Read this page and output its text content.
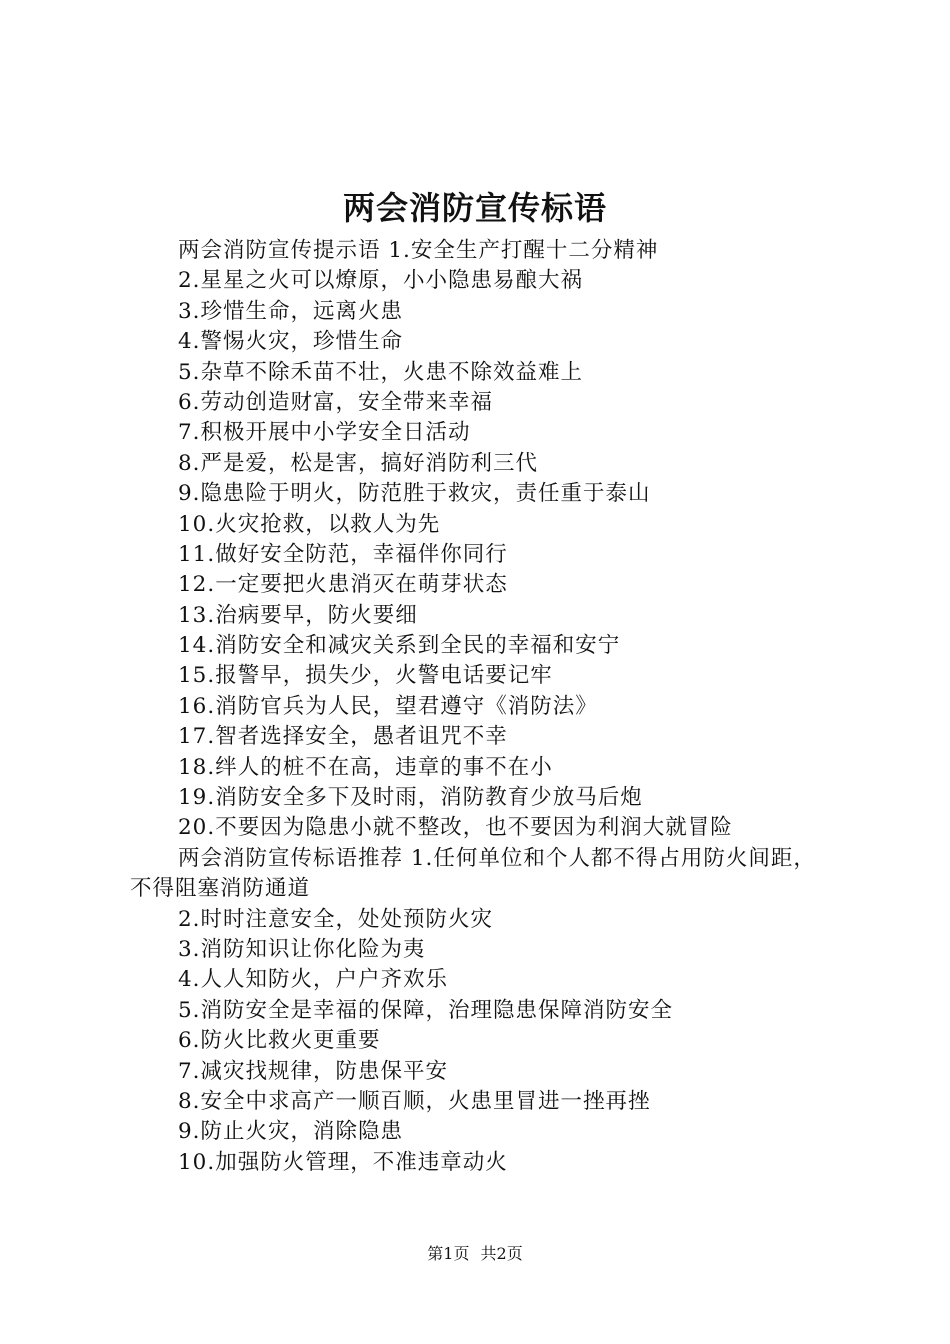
两会消防宣传标语
两会消防宣传提示语 1.安全生产打醒十二分精神
2.星星之火可以燎原，小小隐患易酿大祸
3.珍惜生命，远离火患
4.警惕火灾，珍惜生命
5.杂草不除禾苗不壮，火患不除效益难上
6.劳动创造财富，安全带来幸福
7.积极开展中小学安全日活动
8.严是爱，松是害，搞好消防利三代
9.隐患险于明火，防范胜于救灾，责任重于泰山
10.火灾抢救，以救人为先
11.做好安全防范，幸福伴你同行
12.一定要把火患消灭在萌芽状态
13.治病要早，防火要细
14.消防安全和减灾关系到全民的幸福和安宁
15.报警早，损失少，火警电话要记牢
16.消防官兵为人民，望君遵守《消防法》
17.智者选择安全，愚者诅咒不幸
18.绊人的桩不在高，违章的事不在小
19.消防安全多下及时雨，消防教育少放马后炮
20.不要因为隐患小就不整改，也不要因为利润大就冒险
两会消防宣传标语推荐 1.任何单位和个人都不得占用防火间距，不得阻塞消防通道
2.时时注意安全，处处预防火灾
3.消防知识让你化险为夷
4.人人知防火，户户齐欢乐
5.消防安全是幸福的保障，治理隐患保障消防安全
6.防火比救火更重要
7.减灾找规律，防患保平安
8.安全中求高产一顺百顺，火患里冒进一挫再挫
9.防止火灾，消除隐患
10.加强防火管理，不准违章动火
第1页 共2页
